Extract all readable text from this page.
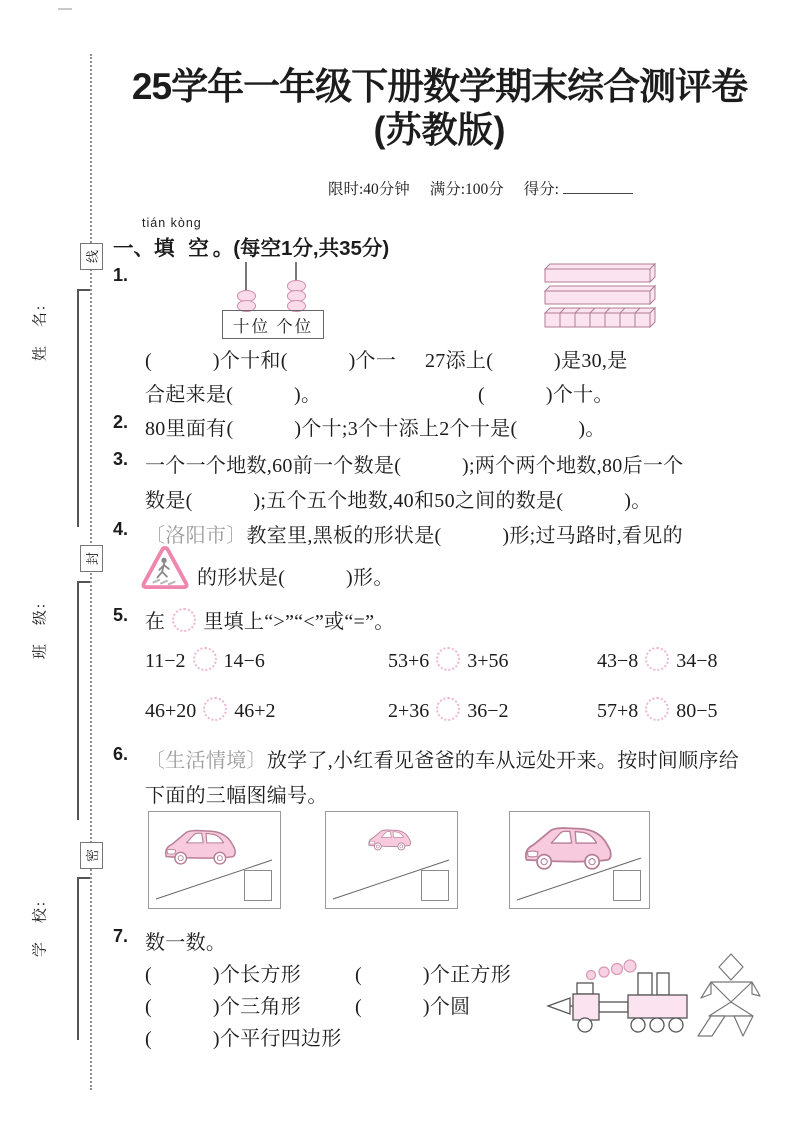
线
封
密
姓　名:
班　级:
学　校:
25学年一年级下册数学期末综合测评卷
(苏教版)
限时:40分钟 满分:100分 得分:
tián kòng
一、填 空。(每空1分,共35分)
1.
十位 个位
(　　　)个十和(　　　)个一 27添上(　　　)是30,是
合起来是(　　　)。	(　　　)个十。
2. 80里面有(　　　)个十;3个十添上2个十是(　　　)。
3. 一个一个地数,60前一个数是(　　　);两个两个地数,80后一个
数是(　　　);五个五个地数,40和50之间的数是(　　　)。
4. 〔洛阳市〕教室里,黑板的形状是(　　　)形;过马路时,看见的
的形状是(　　　)形。
5. 在 里填上“>”“<”或“=”。
11−2 14−6	53+6 3+56	43−8 34−8
46+20 46+2	2+36 36−2	57+8 80−5
6. 〔生活情境〕放学了,小红看见爸爸的车从远处开来。按时间顺序给
下面的三幅图编号。
7. 数一数。
(　　　)个长方形	(　　　)个正方形
(　　　)个三角形	(　　　)个圆
(　　　)个平行四边形
